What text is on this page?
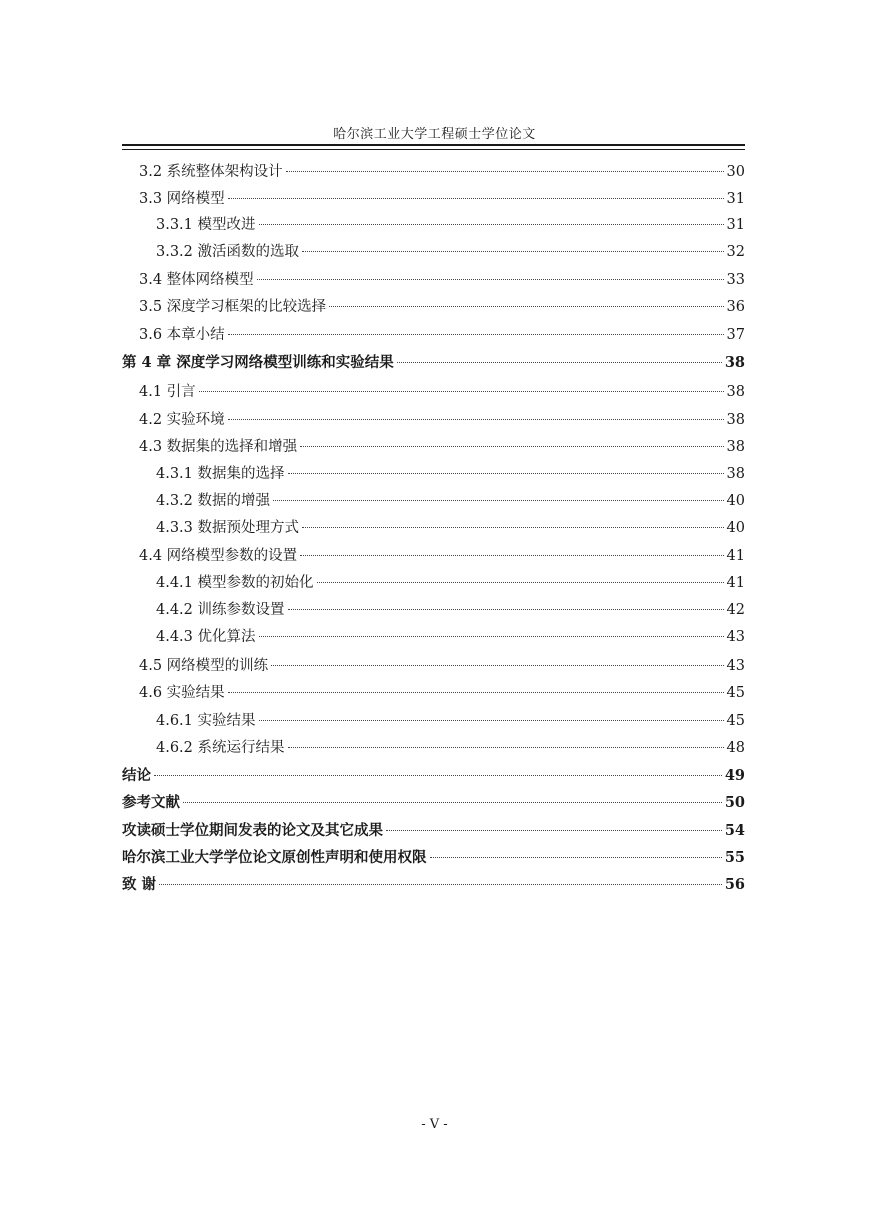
哈尔滨工业大学工程硕士学位论文
3.2 系统整体架构设计	30
3.3 网络模型	31
3.3.1 模型改进	31
3.3.2 激活函数的选取	32
3.4 整体网络模型	33
3.5 深度学习框架的比较选择	36
3.6 本章小结	37
第 4 章 深度学习网络模型训练和实验结果	38
4.1 引言	38
4.2 实验环境	38
4.3 数据集的选择和增强	38
4.3.1 数据集的选择	38
4.3.2 数据的增强	40
4.3.3 数据预处理方式	40
4.4 网络模型参数的设置	41
4.4.1 模型参数的初始化	41
4.4.2 训练参数设置	42
4.4.3 优化算法	43
4.5 网络模型的训练	43
4.6 实验结果	45
4.6.1 实验结果	45
4.6.2 系统运行结果	48
结论	49
参考文献	50
攻读硕士学位期间发表的论文及其它成果	54
哈尔滨工业大学学位论文原创性声明和使用权限	55
致 谢	56
- V -
